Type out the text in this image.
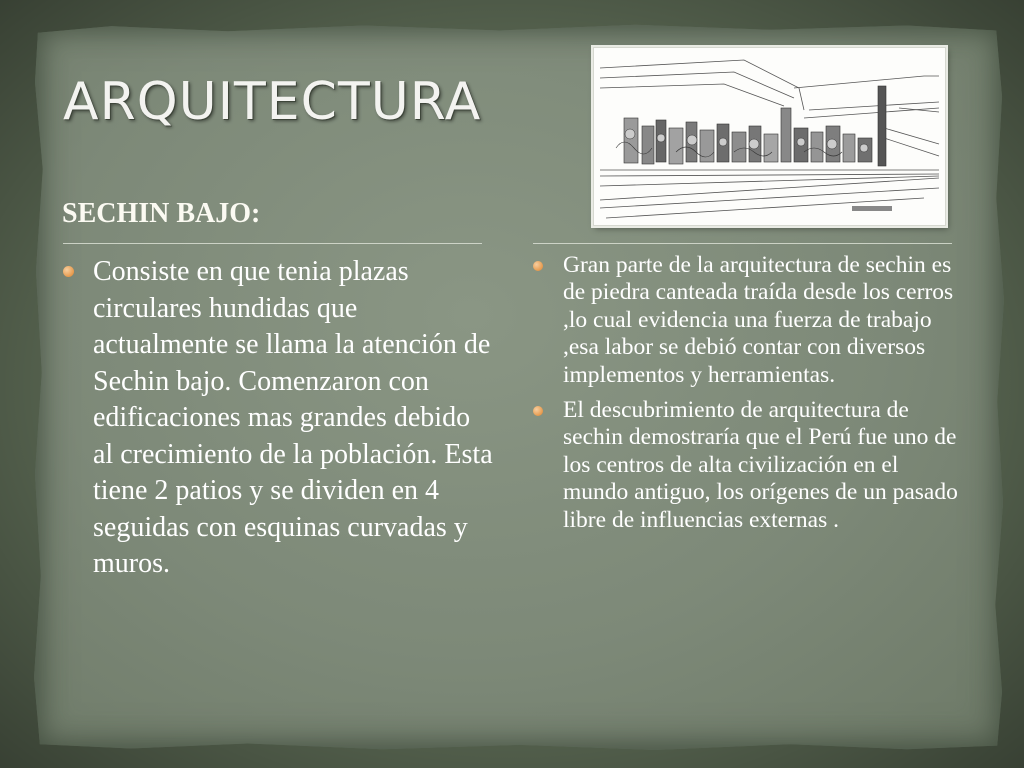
ARQUITECTURA
SECHIN BAJO:
Consiste en que tenia plazas circulares hundidas que actualmente se llama la atención de Sechin bajo. Comenzaron con edificaciones mas grandes debido al crecimiento de la población. Esta tiene 2 patios y se dividen en 4 seguidas con esquinas curvadas y muros.
Gran parte de la arquitectura de sechin es de piedra canteada traída desde los cerros ,lo cual evidencia una fuerza de trabajo ,esa labor se debió contar con diversos implementos y herramientas.
El descubrimiento de arquitectura de sechin demostraría que el Perú fue uno de los centros de alta civilización en el mundo antiguo, los orígenes de un pasado libre de influencias externas .
